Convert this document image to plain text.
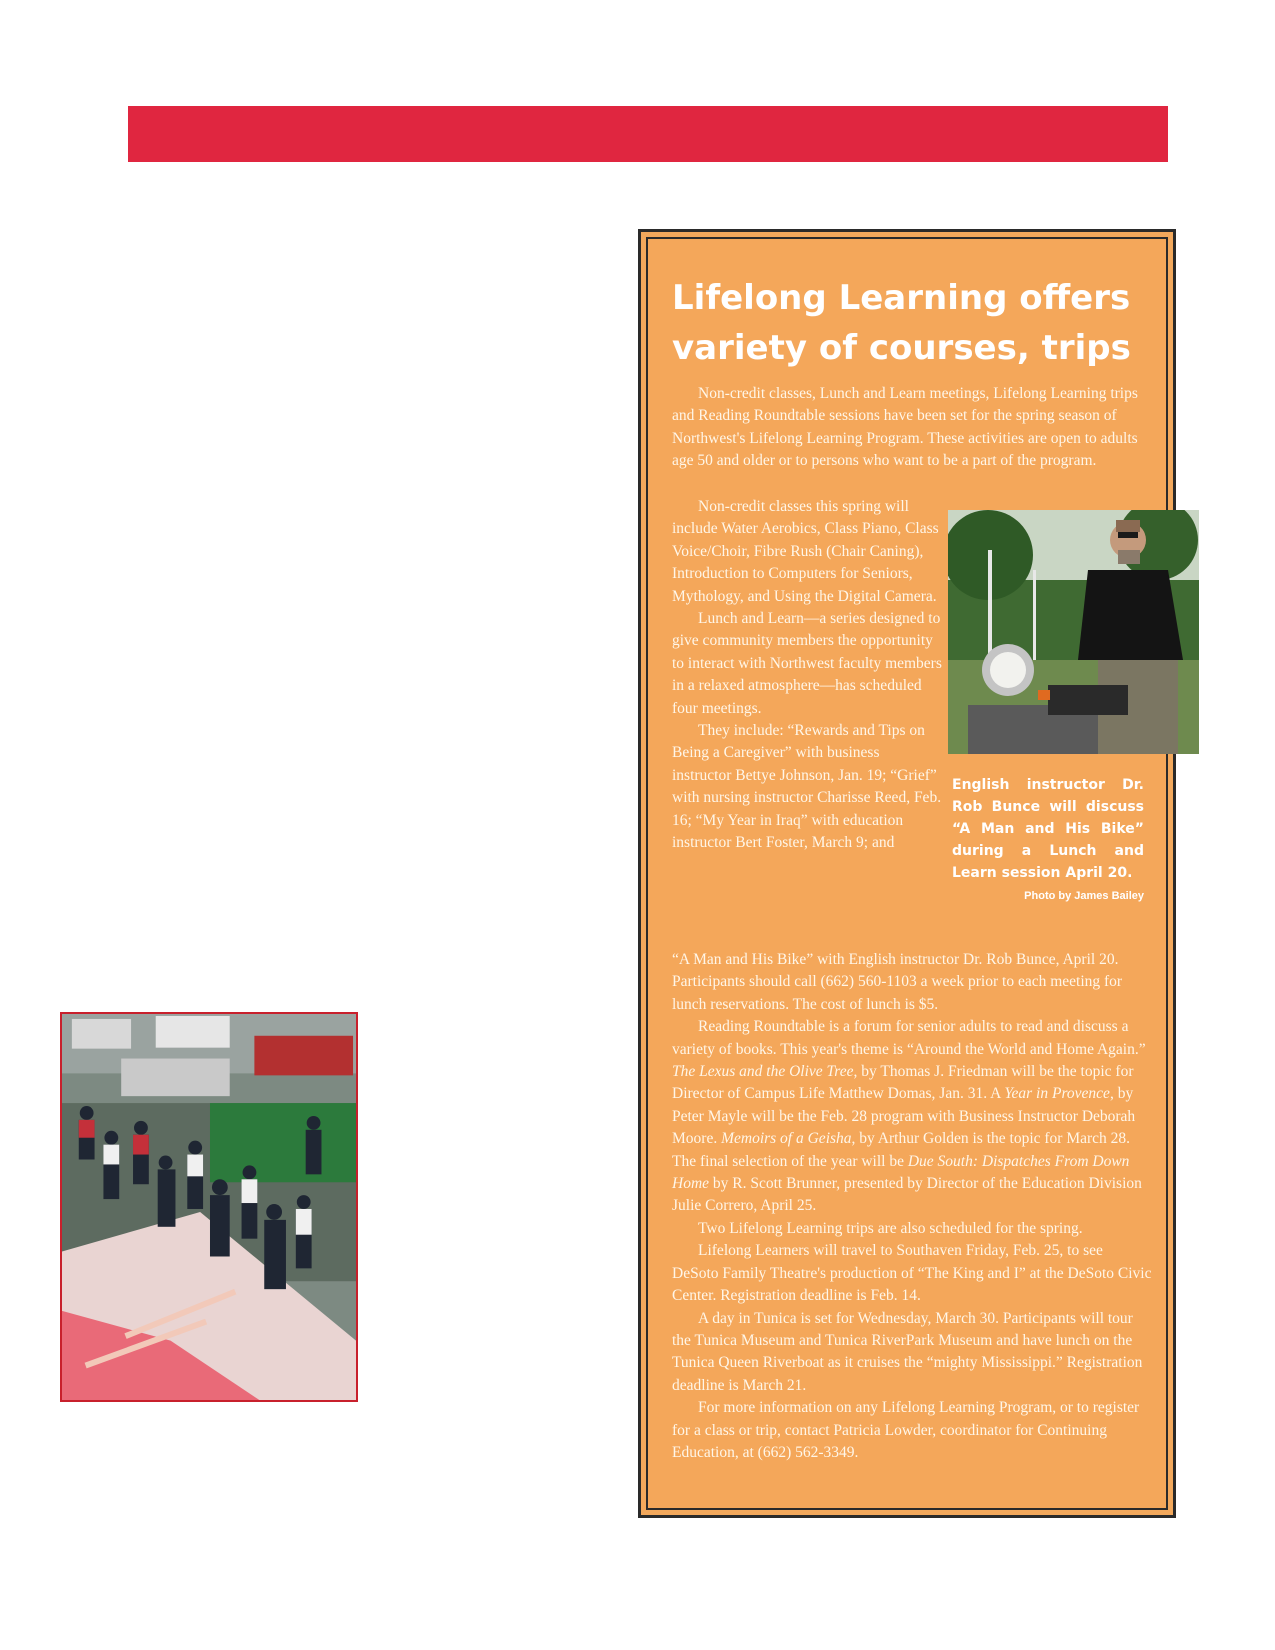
Lifelong Learning offers
variety of courses, trips

Non-credit classes, Lunch and Learn meetings, Lifelong Learning trips and Reading Roundtable sessions have been set for the spring season of Northwest's Lifelong Learning Program. These activities are open to adults age 50 and older or to persons who want to be a part of the program.

Non-credit classes this spring will include Water Aerobics, Class Piano, Class Voice/Choir, Fibre Rush (Chair Caning), Introduction to Computers for Seniors, Mythology, and Using the Digital Camera.

Lunch and Learn—a series designed to give community members the opportunity to interact with Northwest faculty members in a relaxed atmosphere—has scheduled four meetings.

They include: “Rewards and Tips on Being a Caregiver” with business instructor Bettye Johnson, Jan. 19; “Grief” with nursing instructor Charisse Reed, Feb. 16; “My Year in Iraq” with education instructor Bert Foster, March 9; and

“A Man and His Bike” with English instructor Dr. Rob Bunce, April 20. Participants should call (662) 560-1103 a week prior to each meeting for lunch reservations. The cost of lunch is $5.

Reading Roundtable is a forum for senior adults to read and discuss a variety of books. This year's theme is “Around the World and Home Again.” The Lexus and the Olive Tree, by Thomas J. Friedman will be the topic for Director of Campus Life Matthew Domas, Jan. 31. A Year in Provence, by Peter Mayle will be the Feb. 28 program with Business Instructor Deborah Moore. Memoirs of a Geisha, by Arthur Golden is the topic for March 28. The final selection of the year will be Due South: Dispatches From Down Home by R. Scott Brunner, presented by Director of the Education Division Julie Correro, April 25.

Two Lifelong Learning trips are also scheduled for the spring.

Lifelong Learners will travel to Southaven Friday, Feb. 25, to see DeSoto Family Theatre's production of “The King and I” at the DeSoto Civic Center. Registration deadline is Feb. 14.

A day in Tunica is set for Wednesday, March 30. Participants will tour the Tunica Museum and Tunica RiverPark Museum and have lunch on the Tunica Queen Riverboat as it cruises the “mighty Mississippi.” Registration deadline is March 21.

For more information on any Lifelong Learning Program, or to register for a class or trip, contact Patricia Lowder, coordinator for Continuing Education, at (662) 562-3349.

English instructor Dr. Rob Bunce will discuss “A Man and His Bike” during a Lunch and Learn session April 20.
Photo by James Bailey
